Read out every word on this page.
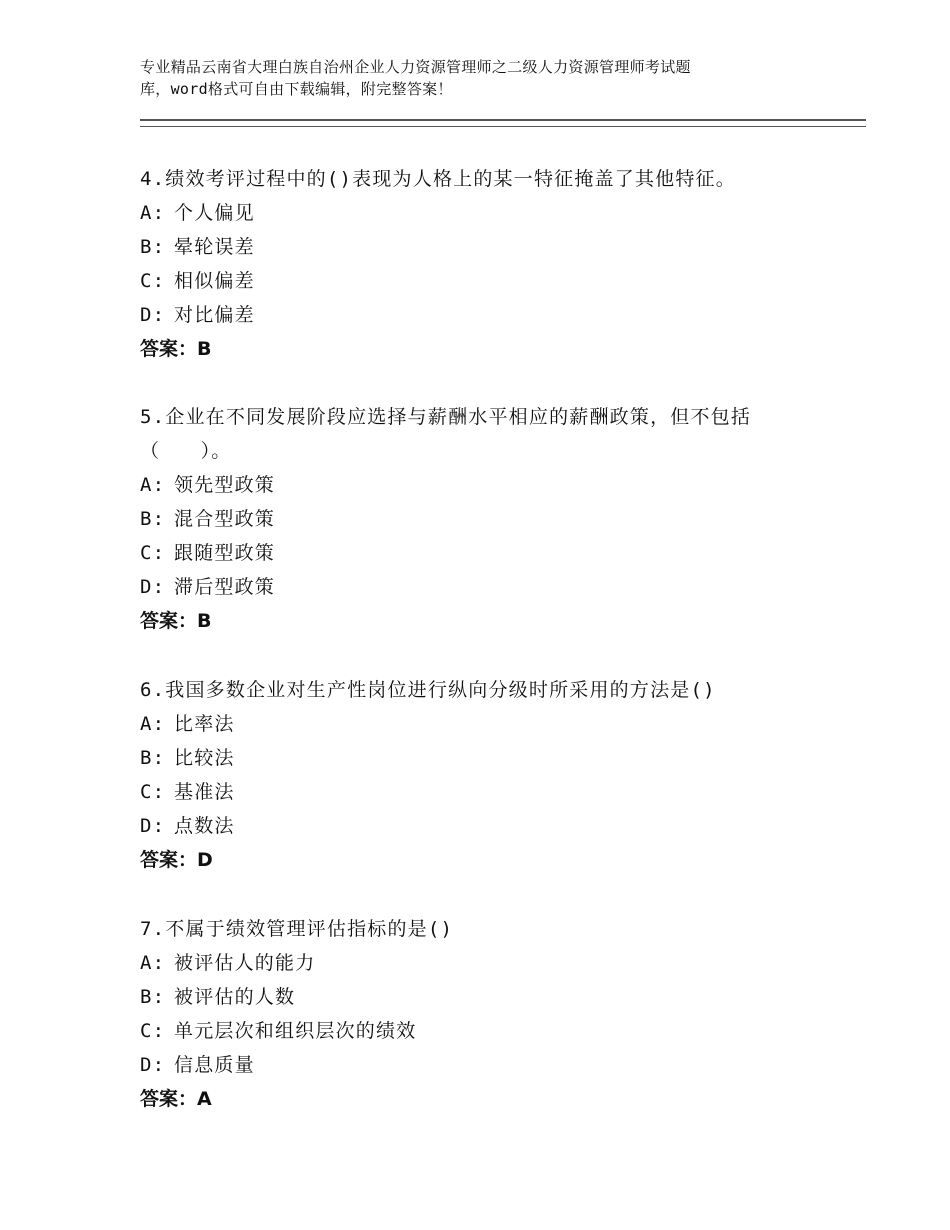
专业精品云南省大理白族自治州企业人力资源管理师之二级人力资源管理师考试题
库，word格式可自由下载编辑，附完整答案！

4.绩效考评过程中的()表现为人格上的某一特征掩盖了其他特征。

A: 个人偏见

B: 晕轮误差

C: 相似偏差

D: 对比偏差

答案：B

5.企业在不同发展阶段应选择与薪酬水平相应的薪酬政策，但不包括
（　　）。

A: 领先型政策

B: 混合型政策

C: 跟随型政策

D: 滞后型政策

答案：B

6.我国多数企业对生产性岗位进行纵向分级时所采用的方法是()

A: 比率法

B: 比较法

C: 基准法

D: 点数法

答案：D

7.不属于绩效管理评估指标的是()

A: 被评估人的能力

B: 被评估的人数

C: 单元层次和组织层次的绩效

D: 信息质量

答案：A
